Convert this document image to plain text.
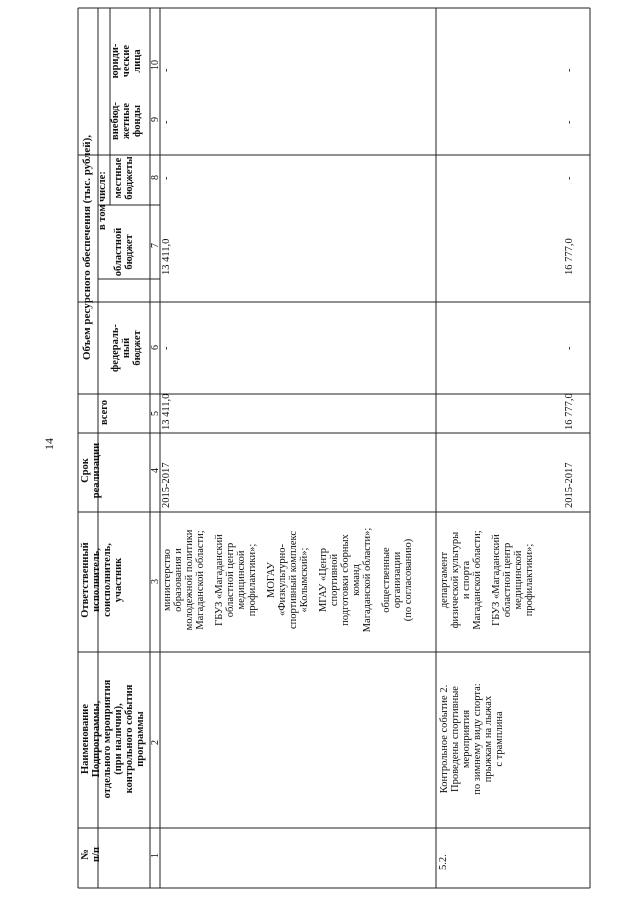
14
№ п/п
Наименование Подпрограммы, отдельного мероприятия (при наличии), контрольного события программы
Ответственный исполнитель, соисполнитель, участник
Срок реализации
Объем ресурсного обеспечения (тыс. рублей),
всего
в том числе:
федераль- ный бюджет
областной бюджет
местные бюджеты
внебюд- жетные фонды
юриди- ческие лица
1
2
3
4
5
6
7
8
9
10
министерство образования и молодежной политики Магаданской области; ГБУЗ «Магаданский областной центр медицинской профилактики»; МОГАУ «Физкультурно- спортивный комплекс «Колымский»; МГАУ «Центр спортивной подготовки сборных команд Магаданской области»; общественные организации (по согласованию)
2015-2017
13 411,0
-
13 411,0
-
-
-
5.2.
Контрольное событие 2. Проведены спортивные мероприятия по зимнему виду спорта: прыжкам на лыжах с трамплина
департамент физической культуры и спорта Магаданской области; ГБУЗ «Магаданский областной центр медицинской профилактики»;
2015-2017
16 777,0
-
16 777,0
-
-
-
